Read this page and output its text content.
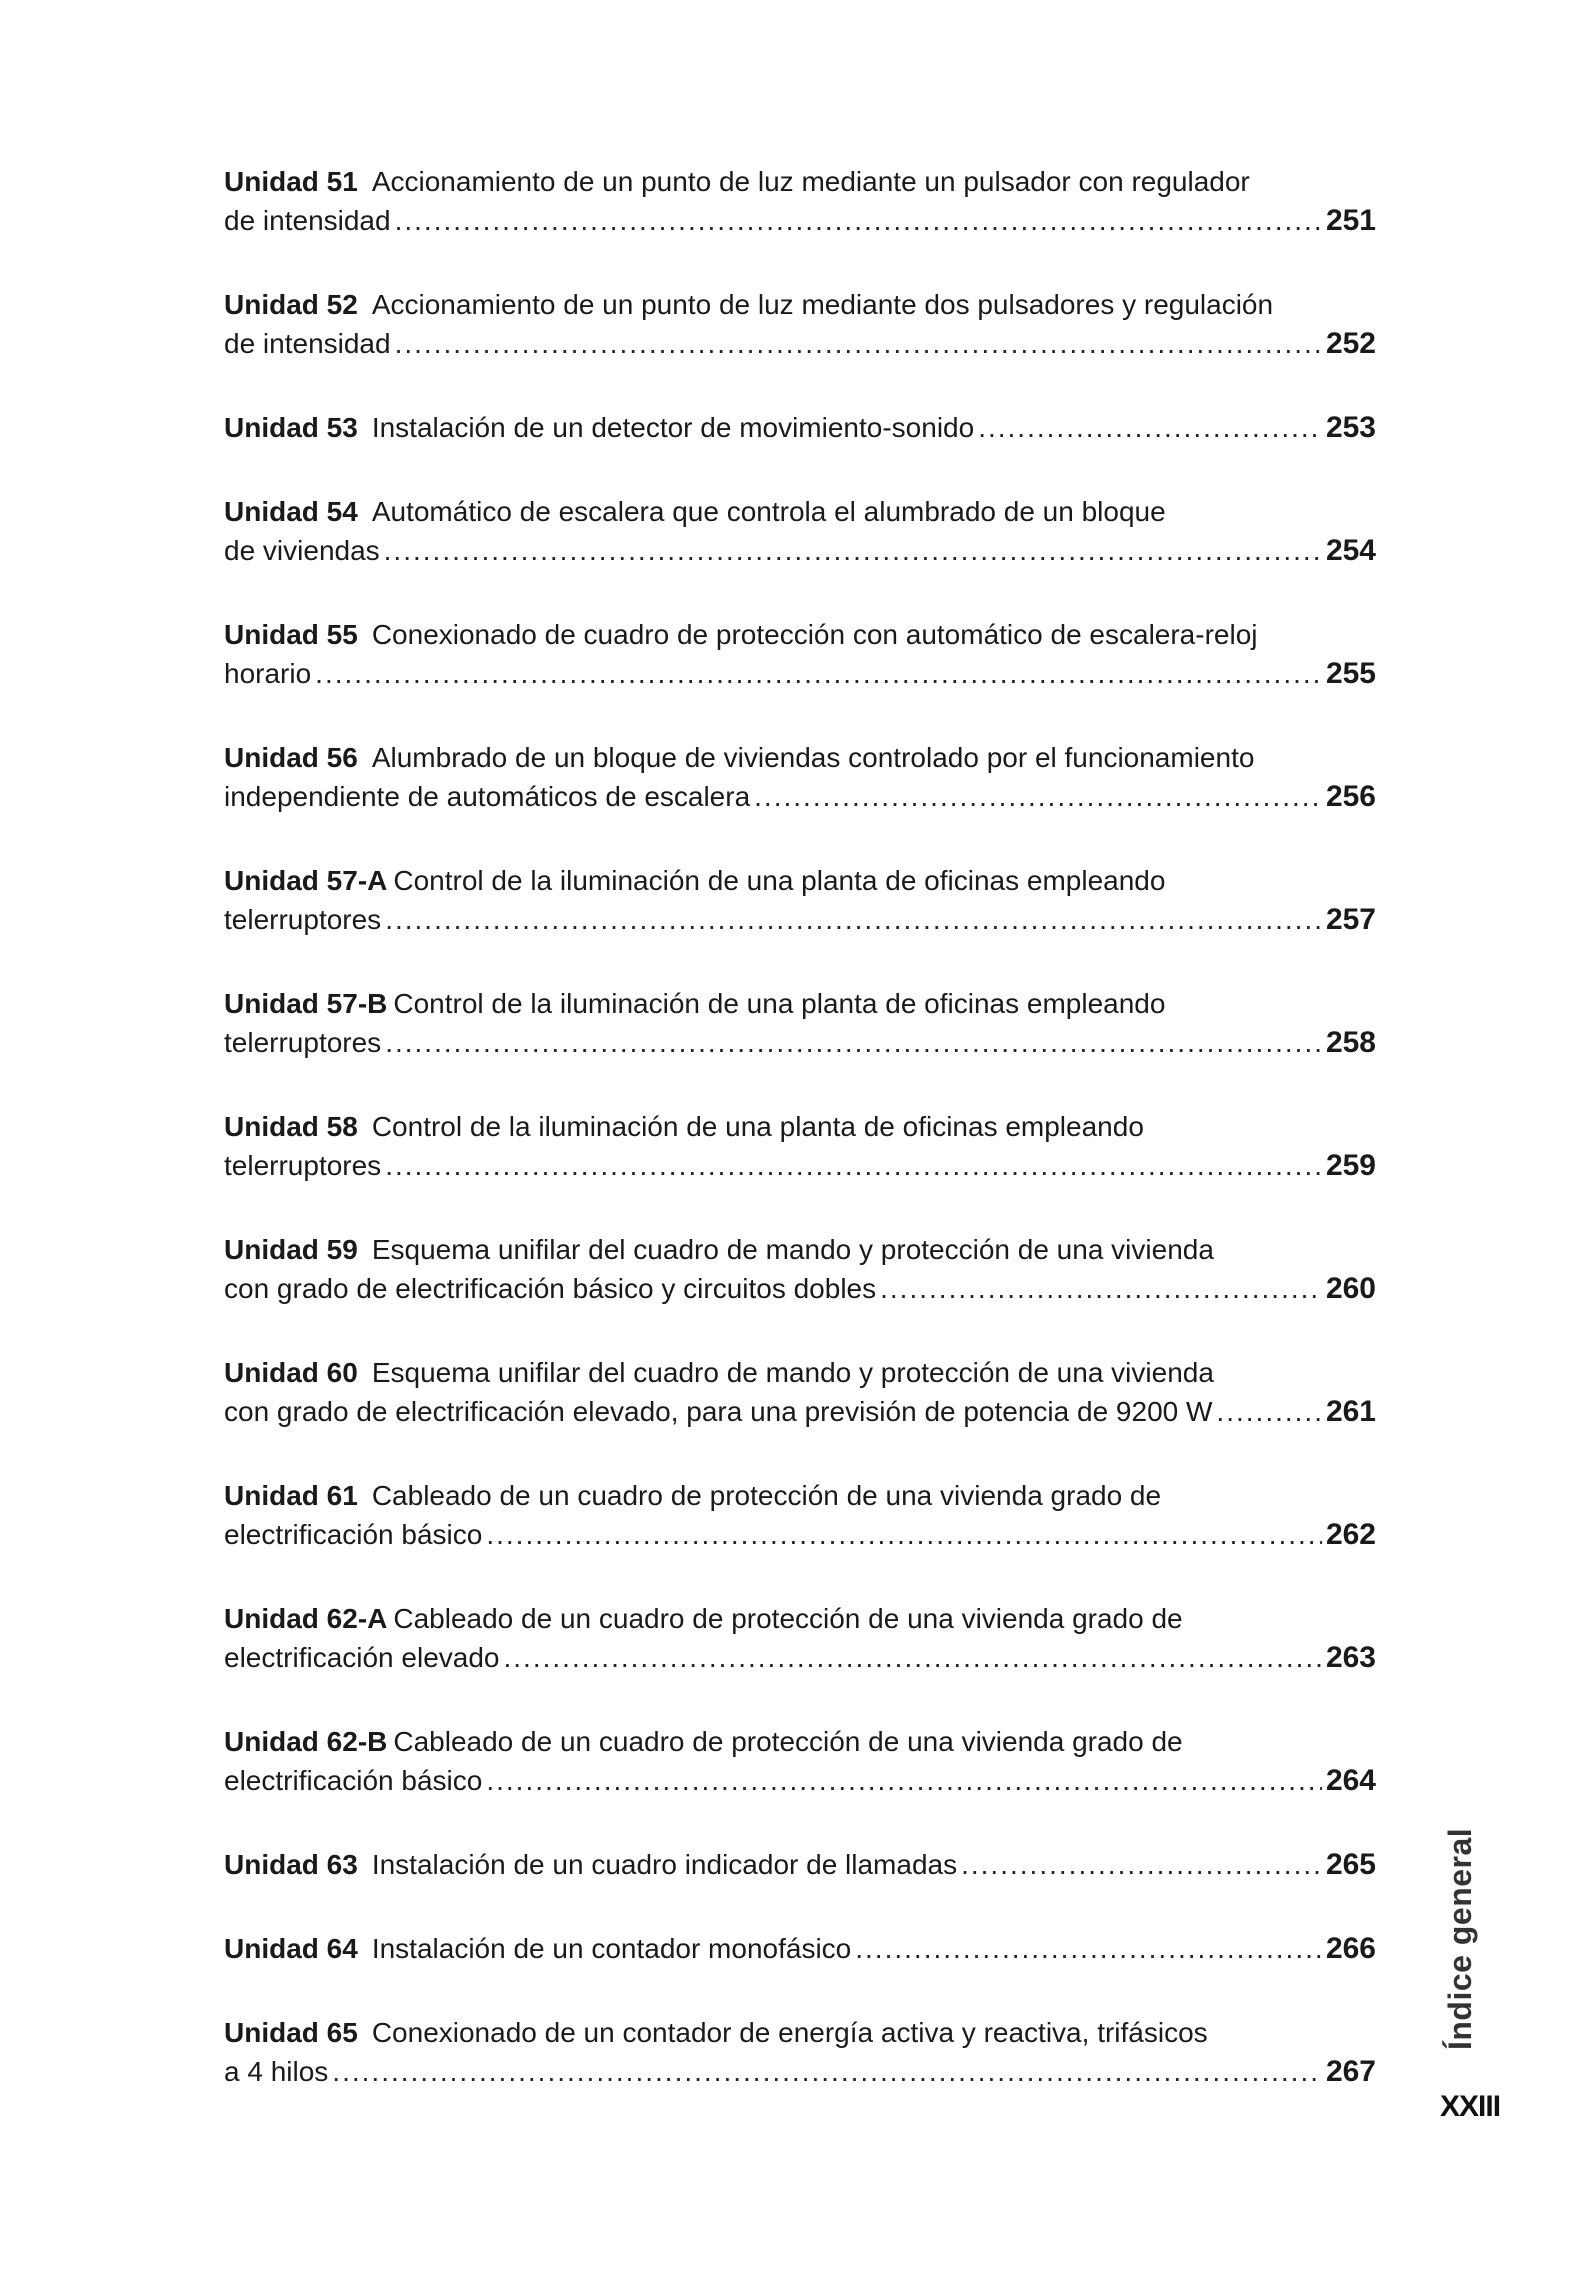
Unidad 51 Accionamiento de un punto de luz mediante un pulsador con regulador
de intensidad .....	251
Unidad 52 Accionamiento de un punto de luz mediante dos pulsadores y regulación
de intensidad .....	252
Unidad 53 Instalación de un detector de movimiento-sonido .....	253
Unidad 54 Automático de escalera que controla el alumbrado de un bloque
de viviendas .....	254
Unidad 55 Conexionado de cuadro de protección con automático de escalera-reloj
horario .....	255
Unidad 56 Alumbrado de un bloque de viviendas controlado por el funcionamiento
independiente de automáticos de escalera .....	256
Unidad 57-A Control de la iluminación de una planta de oficinas empleando
telerruptores .....	257
Unidad 57-B Control de la iluminación de una planta de oficinas empleando
telerruptores .....	258
Unidad 58 Control de la iluminación de una planta de oficinas empleando
telerruptores .....	259
Unidad 59 Esquema unifilar del cuadro de mando y protección de una vivienda
con grado de electrificación básico y circuitos dobles .....	260
Unidad 60 Esquema unifilar del cuadro de mando y protección de una vivienda
con grado de electrificación elevado, para una previsión de potencia de 9200 W .....	261
Unidad 61 Cableado de un cuadro de protección de una vivienda grado de
electrificación básico .....	262
Unidad 62-A Cableado de un cuadro de protección de una vivienda grado de
electrificación elevado .....	263
Unidad 62-B Cableado de un cuadro de protección de una vivienda grado de
electrificación básico .....	264
Unidad 63 Instalación de un cuadro indicador de llamadas .....	265
Unidad 64 Instalación de un contador monofásico .....	266
Unidad 65 Conexionado de un contador de energía activa y reactiva, trifásicos
a 4 hilos .....	267
Índice general
XXIII
